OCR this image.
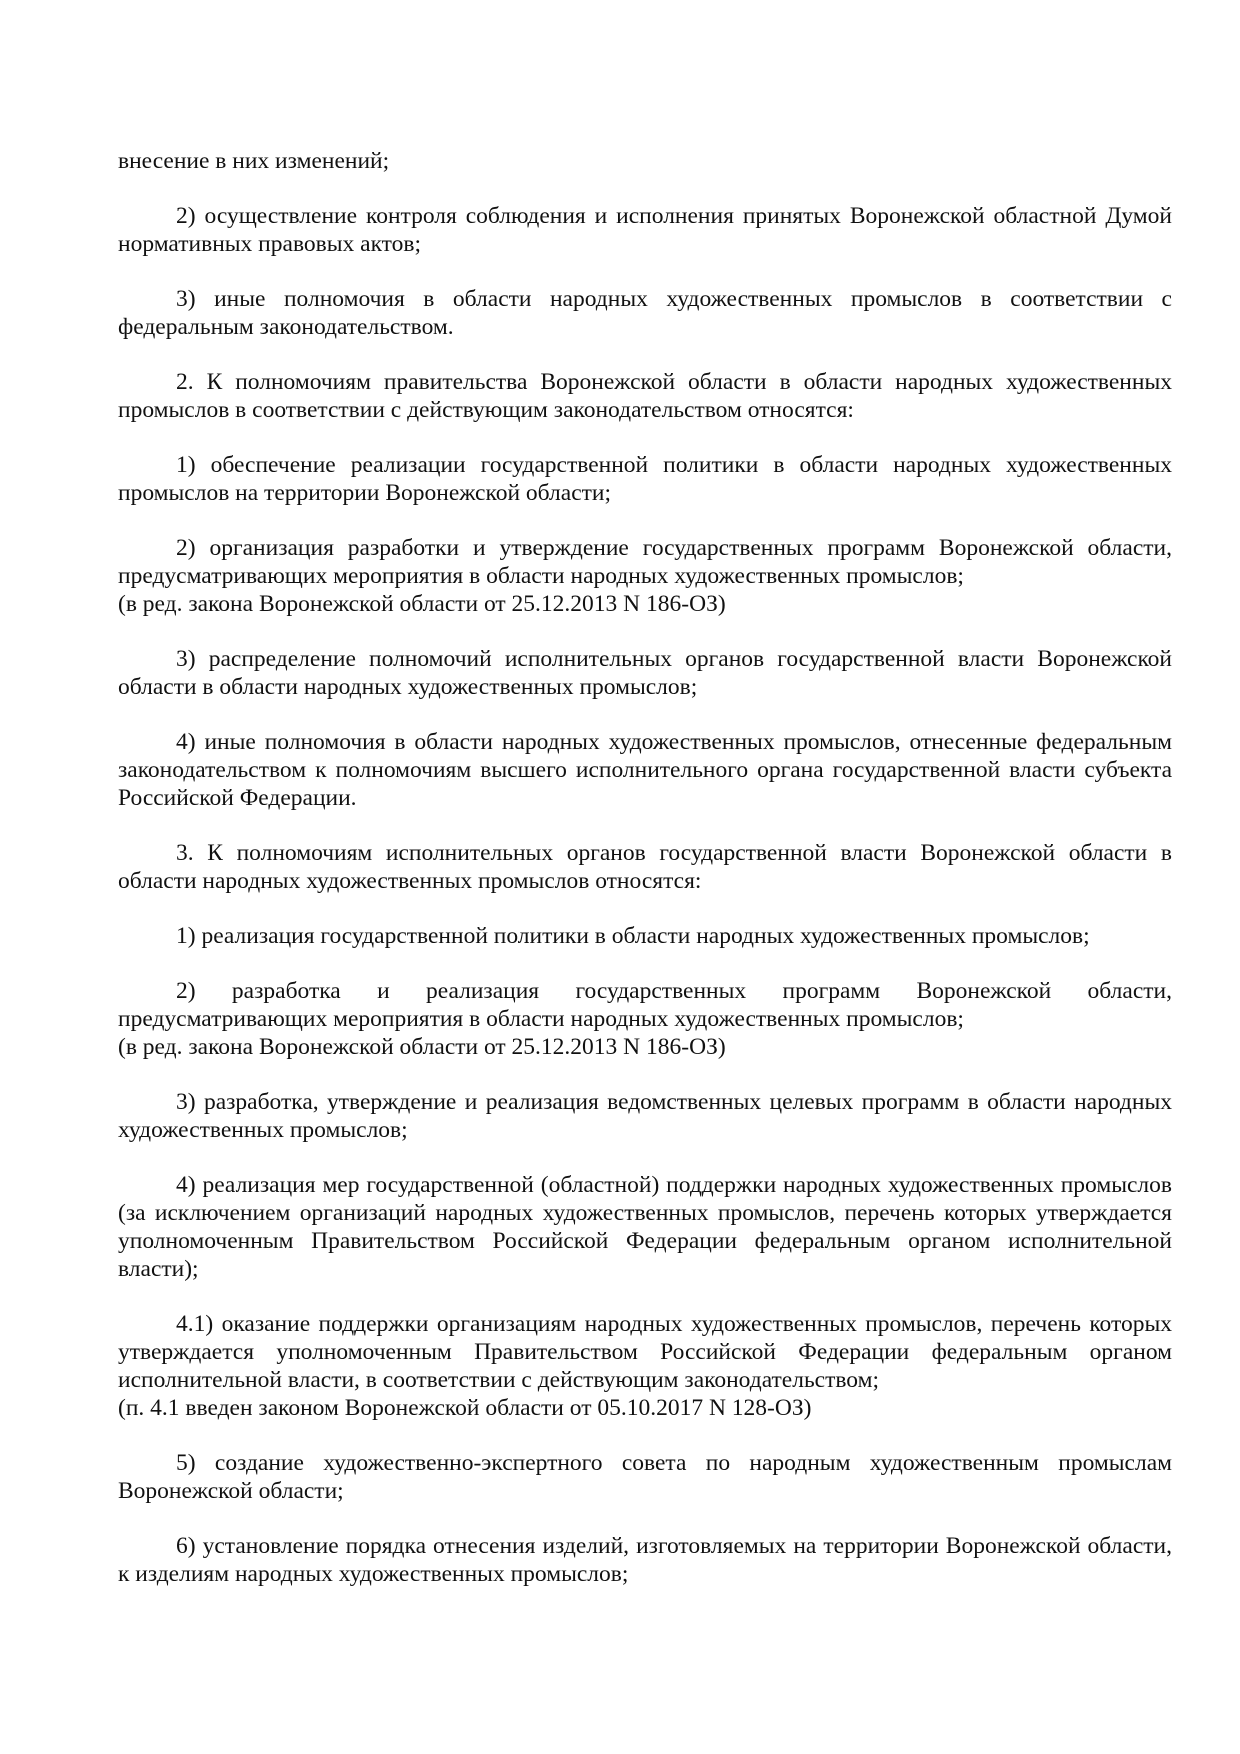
внесение в них изменений;

2) осуществление контроля соблюдения и исполнения принятых Воронежской областной Думой нормативных правовых актов;

3) иные полномочия в области народных художественных промыслов в соответствии с федеральным законодательством.

2. К полномочиям правительства Воронежской области в области народных художественных промыслов в соответствии с действующим законодательством относятся:

1) обеспечение реализации государственной политики в области народных художественных промыслов на территории Воронежской области;

2) организация разработки и утверждение государственных программ Воронежской области, предусматривающих мероприятия в области народных художественных промыслов;
(в ред. закона Воронежской области от 25.12.2013 N 186-ОЗ)

3) распределение полномочий исполнительных органов государственной власти Воронежской области в области народных художественных промыслов;

4) иные полномочия в области народных художественных промыслов, отнесенные федеральным законодательством к полномочиям высшего исполнительного органа государственной власти субъекта Российской Федерации.

3. К полномочиям исполнительных органов государственной власти Воронежской области в области народных художественных промыслов относятся:

1) реализация государственной политики в области народных художественных промыслов;

2) разработка и реализация государственных программ Воронежской области, предусматривающих мероприятия в области народных художественных промыслов;
(в ред. закона Воронежской области от 25.12.2013 N 186-ОЗ)

3) разработка, утверждение и реализация ведомственных целевых программ в области народных художественных промыслов;

4) реализация мер государственной (областной) поддержки народных художественных промыслов (за исключением организаций народных художественных промыслов, перечень которых утверждается уполномоченным Правительством Российской Федерации федеральным органом исполнительной власти);

4.1) оказание поддержки организациям народных художественных промыслов, перечень которых утверждается уполномоченным Правительством Российской Федерации федеральным органом исполнительной власти, в соответствии с действующим законодательством;
(п. 4.1 введен законом Воронежской области от 05.10.2017 N 128-ОЗ)

5) создание художественно-экспертного совета по народным художественным промыслам Воронежской области;

6) установление порядка отнесения изделий, изготовляемых на территории Воронежской области, к изделиям народных художественных промыслов;
